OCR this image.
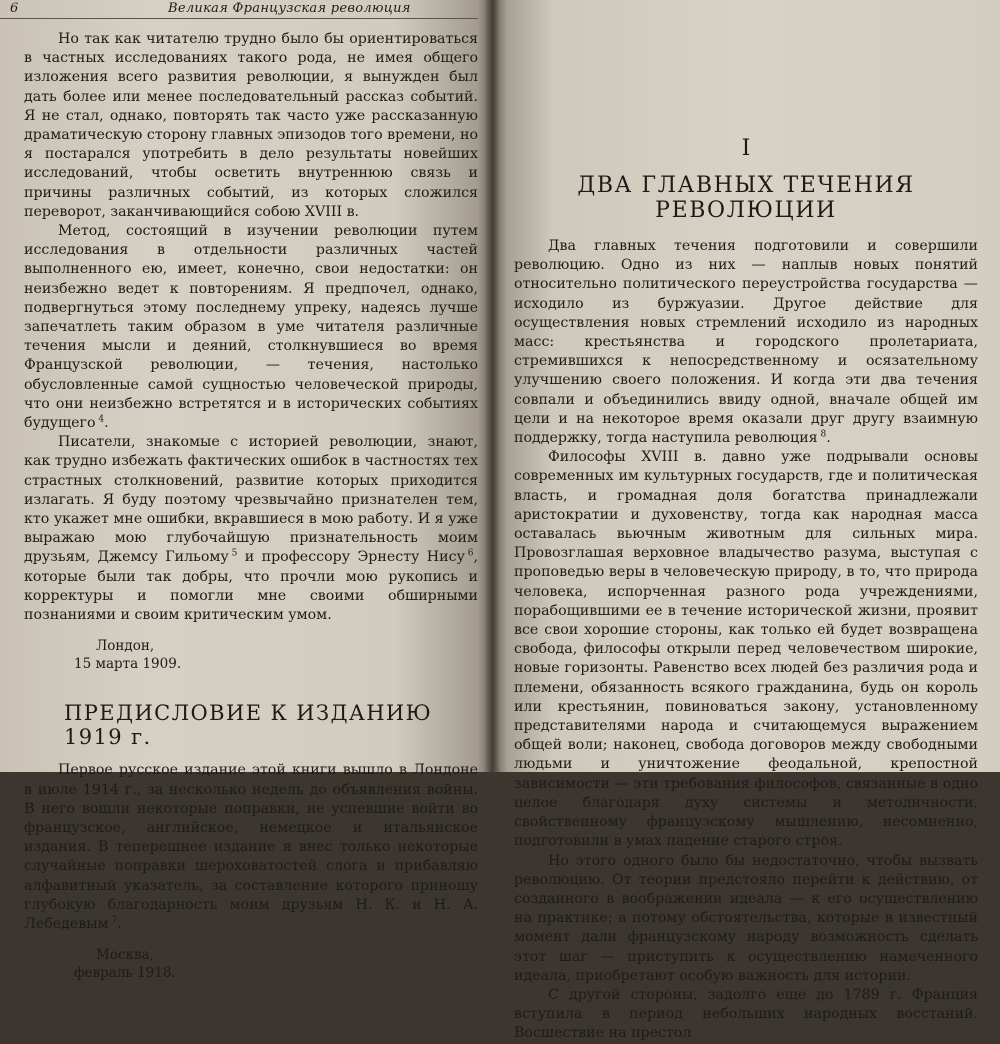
6	Великая Французская революция

Но так как читателю трудно было бы ориентироваться в частных исследованиях такого рода, не имея общего изложения всего развития революции, я вынужден был дать более или менее последовательный рассказ событий. Я не стал, однако, повторять так часто уже рассказанную драматическую сторону главных эпизодов того времени, но я постарался употребить в дело результаты новейших исследований, чтобы осветить внутреннюю связь и причины различных событий, из которых сложился переворот, заканчивающийся собою XVIII в.

Метод, состоящий в изучении революции путем исследования в отдельности различных частей выполненного ею, имеет, конечно, свои недостатки: он неизбежно ведет к повторениям. Я предпочел, однако, подвергнуться этому последнему упреку, надеясь лучше запечатлеть таким образом в уме читателя различные течения мысли и деяний, столкнувшиеся во время Французской революции, — течения, настолько обусловленные самой сущностью человеческой природы, что они неизбежно встретятся и в исторических событиях будущего  $^4$.

Писатели, знакомые с историей революции, знают, как трудно избежать фактических ошибок в частностях тех страстных столкновений, развитие которых приходится излагать. Я буду поэтому чрезвычайно признателен тем, кто укажет мне ошибки, вкравшиеся в мою работу. И я уже выражаю мою глубочайшую признательность моим друзьям, Джемсу Гильому  $^5$ и профессору Эрнесту Нису  $^6$, которые были так добры, что прочли мою рукопись и корректуры и помогли мне своими обширными познаниями и своим критическим умом.

Лондон,
15 марта 1909.
ПРЕДИСЛОВИЕ К ИЗДАНИЮ 1919 г.

Первое русское издание этой книги вышло в Лондоне в июле 1914 г., за несколько недель до объявления войны. В него вошли некоторые поправки, не успевшие войти во французское, английское, немецкое и итальянское издания. В теперешнее издание я внес только некоторые случайные поправки шероховатостей слога и прибавляю алфавитный указатель, за составление которого приношу глубокую благодарность моим друзьям Н. К. и Н. А. Лебедевым  $^7$.

Москва,
февраль 1918.
I
ДВА ГЛАВНЫХ ТЕЧЕНИЯ РЕВОЛЮЦИИ

Два главных течения подготовили и совершили революцию. Одно из них — наплыв новых понятий относительно политического переустройства государства — исходило из буржуазии. Другое действие для осуществления новых стремлений исходило из народных масс: крестьянства и городского пролетариата, стремившихся к непосредственному и осязательному улучшению своего положения. И когда эти два течения совпали и объединились ввиду одной, вначале общей им цели и на некоторое время оказали друг другу взаимную поддержку, тогда наступила революция  $^8$.

Философы XVIII в. давно уже подрывали основы современных им культурных государств, где и политическая власть, и громадная доля богатства принадлежали аристократии и духовенству, тогда как народная масса оставалась вьючным животным для сильных мира. Провозглашая верховное владычество разума, выступая с проповедью веры в человеческую природу, в то, что природа человека, испорченная разного рода учреждениями, порабощившими ее в течение исторической жизни, проявит все свои хорошие стороны, как только ей будет возвращена свобода, философы открыли перед человечеством широкие, новые горизонты. Равенство всех людей без различия рода и племени, обязанность всякого гражданина, будь он король или крестьянин, повиноваться закону, установленному представителями народа и считающемуся выражением общей воли; наконец, свобода договоров между свободными людьми и уничтожение феодальной, крепостной зависимости — эти требования философов, связанные в одно целое благодаря духу системы и методичности, свойственному французскому мышлению, несомненно, подготовили в умах падение старого строя.

Но этого одного было бы недостаточно, чтобы вызвать революцию. От теории предстояло перейти к действию, от созданного в воображении идеала — к его осуществлению на практике; а потому обстоятельства, которые в известный момент дали французскому народу возможность сделать этот шаг — приступить к осуществлению намеченного идеала, приобретают особую важность для истории.

С другой стороны, задолго еще до 1789 г. Франция вступила в период небольших народных восстаний. Восшествие на престол
